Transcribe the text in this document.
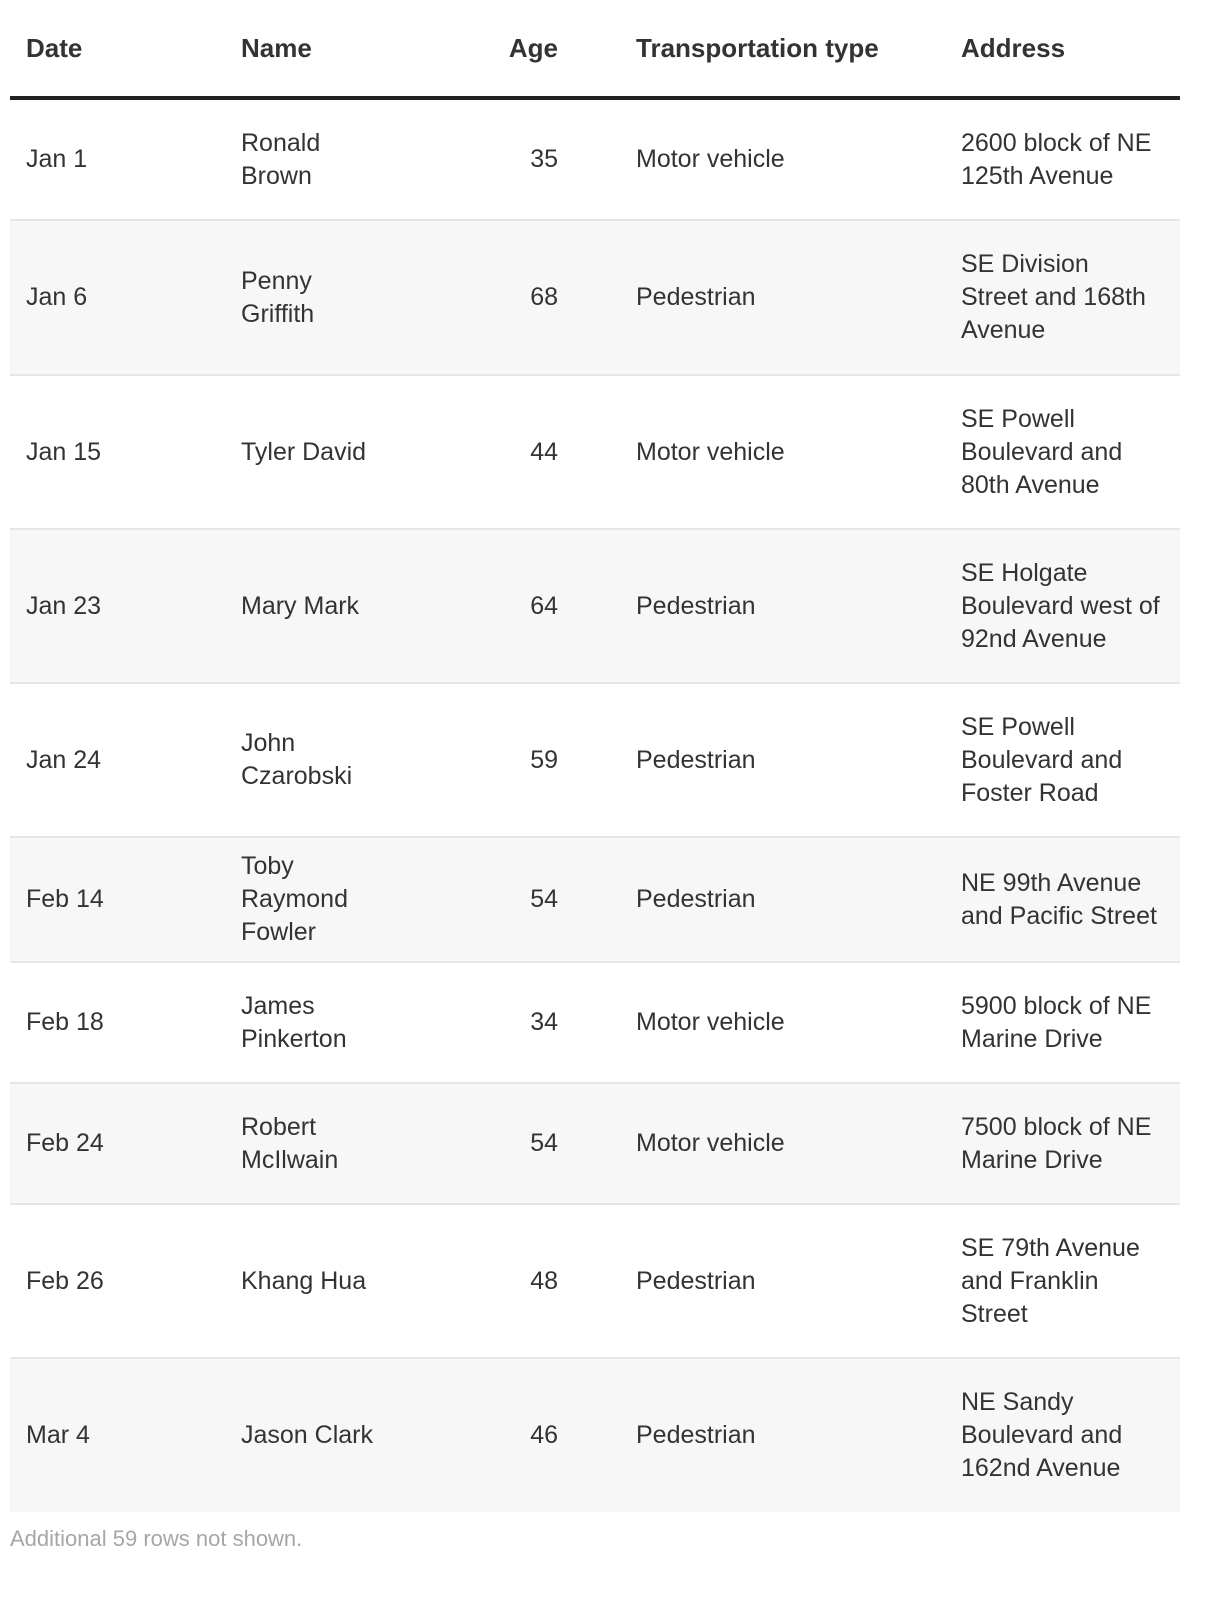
Date	Name	Age	Transportation type	Address
Jan 1	Ronald Brown	35	Motor vehicle	2600 block of NE 125th Avenue
Jan 6	Penny Griffith	68	Pedestrian	SE Division Street and 168th Avenue
Jan 15	Tyler David	44	Motor vehicle	SE Powell Boulevard and 80th Avenue
Jan 23	Mary Mark	64	Pedestrian	SE Holgate Boulevard west of 92nd Avenue
Jan 24	John Czarobski	59	Pedestrian	SE Powell Boulevard and Foster Road
Feb 14	Toby Raymond Fowler	54	Pedestrian	NE 99th Avenue and Pacific Street
Feb 18	James Pinkerton	34	Motor vehicle	5900 block of NE Marine Drive
Feb 24	Robert McIlwain	54	Motor vehicle	7500 block of NE Marine Drive
Feb 26	Khang Hua	48	Pedestrian	SE 79th Avenue and Franklin Street
Mar 4	Jason Clark	46	Pedestrian	NE Sandy Boulevard and 162nd Avenue
Additional 59 rows not shown.
